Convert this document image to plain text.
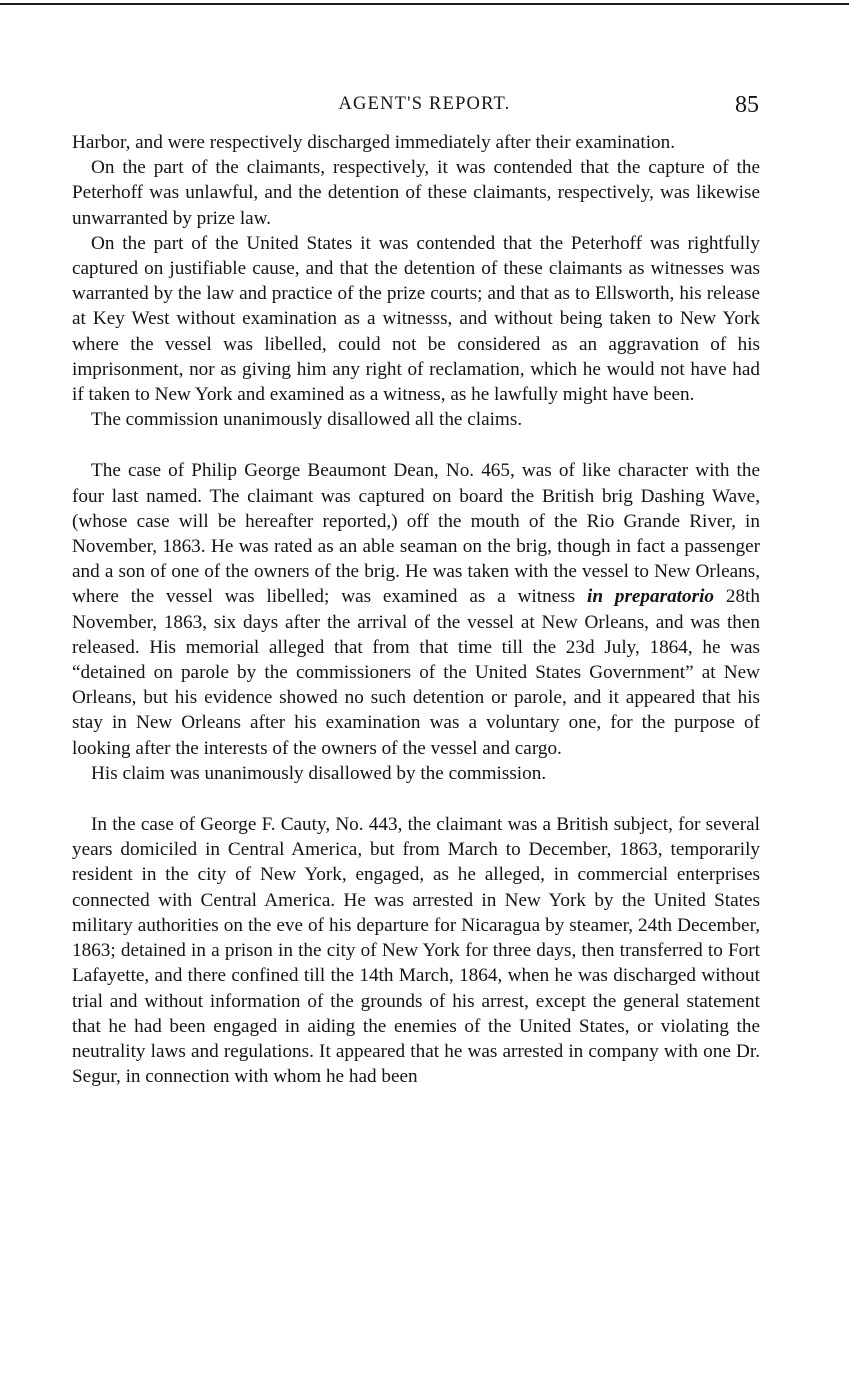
AGENT'S REPORT.	85

Harbor, and were respectively discharged immediately after their examination.

On the part of the claimants, respectively, it was contended that the capture of the Peterhoff was unlawful, and the detention of these claimants, respectively, was likewise unwarranted by prize law.

On the part of the United States it was contended that the Peterhoff was rightfully captured on justifiable cause, and that the detention of these claimants as witnesses was warranted by the law and practice of the prize courts; and that as to Ellsworth, his release at Key West without examination as a witnesss, and without being taken to New York where the vessel was libelled, could not be considered as an aggravation of his imprisonment, nor as giving him any right of reclamation, which he would not have had if taken to New York and examined as a witness, as he lawfully might have been.

The commission unanimously disallowed all the claims.

The case of Philip George Beaumont Dean, No. 465, was of like character with the four last named. The claimant was captured on board the British brig Dashing Wave, (whose case will be hereafter reported,) off the mouth of the Rio Grande River, in November, 1863. He was rated as an able seaman on the brig, though in fact a passenger and a son of one of the owners of the brig. He was taken with the vessel to New Orleans, where the vessel was libelled; was examined as a witness in preparatorio 28th November, 1863, six days after the arrival of the vessel at New Orleans, and was then released. His memorial alleged that from that time till the 23d July, 1864, he was “detained on parole by the commissioners of the United States Government” at New Orleans, but his evidence showed no such detention or parole, and it appeared that his stay in New Orleans after his examination was a voluntary one, for the purpose of looking after the interests of the owners of the vessel and cargo.

His claim was unanimously disallowed by the commission.

In the case of George F. Cauty, No. 443, the claimant was a British subject, for several years domiciled in Central America, but from March to December, 1863, temporarily resident in the city of New York, engaged, as he alleged, in commercial enterprises connected with Central America. He was arrested in New York by the United States military authorities on the eve of his departure for Nicaragua by steamer, 24th December, 1863; detained in a prison in the city of New York for three days, then transferred to Fort Lafayette, and there confined till the 14th March, 1864, when he was discharged without trial and without information of the grounds of his arrest, except the general statement that he had been engaged in aiding the enemies of the United States, or violating the neutrality laws and regulations. It appeared that he was arrested in company with one Dr. Segur, in connection with whom he had been
